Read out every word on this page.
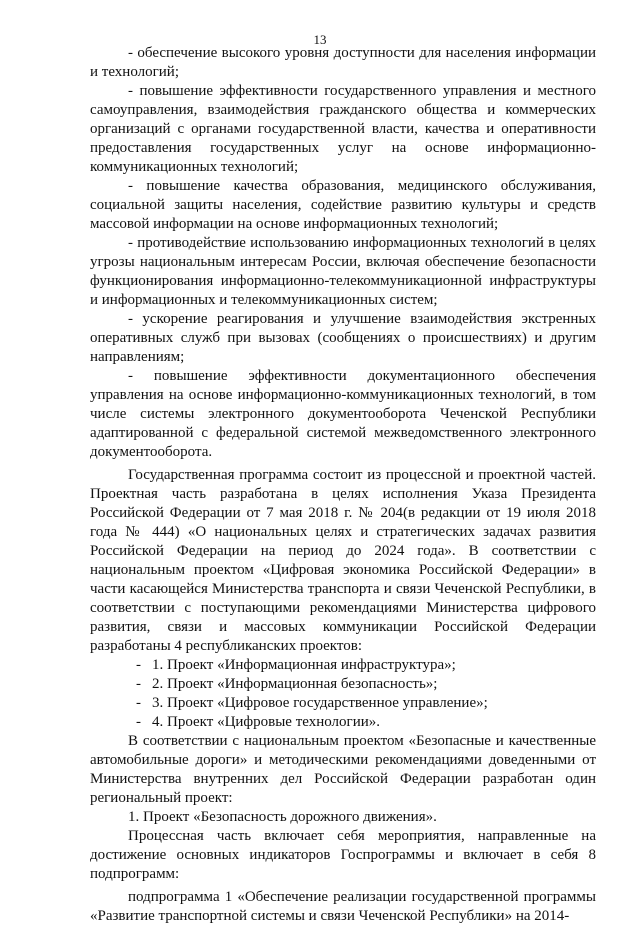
13

- обеспечение высокого уровня доступности для населения информации и технологий;

- повышение эффективности государственного управления и местного самоуправления, взаимодействия гражданского общества и коммерческих организаций с органами государственной власти, качества и оперативности предоставления государственных услуг на основе информационно-коммуникационных технологий;

- повышение качества образования, медицинского обслуживания, социальной защиты населения, содействие развитию культуры и средств массовой информации на основе информационных технологий;

- противодействие использованию информационных технологий в целях угрозы национальным интересам России, включая обеспечение безопасности функционирования информационно-телекоммуникационной инфраструктуры и информационных и телекоммуникационных систем;

- ускорение реагирования и улучшение взаимодействия экстренных оперативных служб при вызовах (сообщениях о происшествиях) и другим направлениям;

- повышение эффективности документационного обеспечения управления на основе информационно-коммуникационных технологий, в том числе системы электронного документооборота Чеченской Республики адаптированной с федеральной системой межведомственного электронного документооборота.

Государственная программа состоит из процессной и проектной частей. Проектная часть разработана в целях исполнения Указа Президента Российской Федерации от 7 мая 2018 г. № 204(в редакции от 19 июля 2018 года № 444) «О национальных целях и стратегических задачах развития Российской Федерации на период до 2024 года». В соответствии с национальным проектом «Цифровая экономика Российской Федерации» в части касающейся Министерства транспорта и связи Чеченской Республики, в соответствии с поступающими рекомендациями Министерства цифрового развития, связи и массовых коммуникации Российской Федерации разработаны 4 республиканских проектов:

- 1. Проект «Информационная инфраструктура»;
- 2. Проект «Информационная безопасность»;
- 3. Проект «Цифровое государственное управление»;
- 4. Проект «Цифровые технологии».

В соответствии с национальным проектом «Безопасные и качественные автомобильные дороги» и методическими рекомендациями доведенными от Министерства внутренних дел Российской Федерации разработан один региональный проект:

1. Проект «Безопасность дорожного движения».

Процессная часть включает себя мероприятия, направленные на достижение основных индикаторов Госпрограммы и включает в себя 8 подпрограмм:

подпрограмма 1 «Обеспечение реализации государственной программы «Развитие транспортной системы и связи Чеченской Республики» на 2014-
